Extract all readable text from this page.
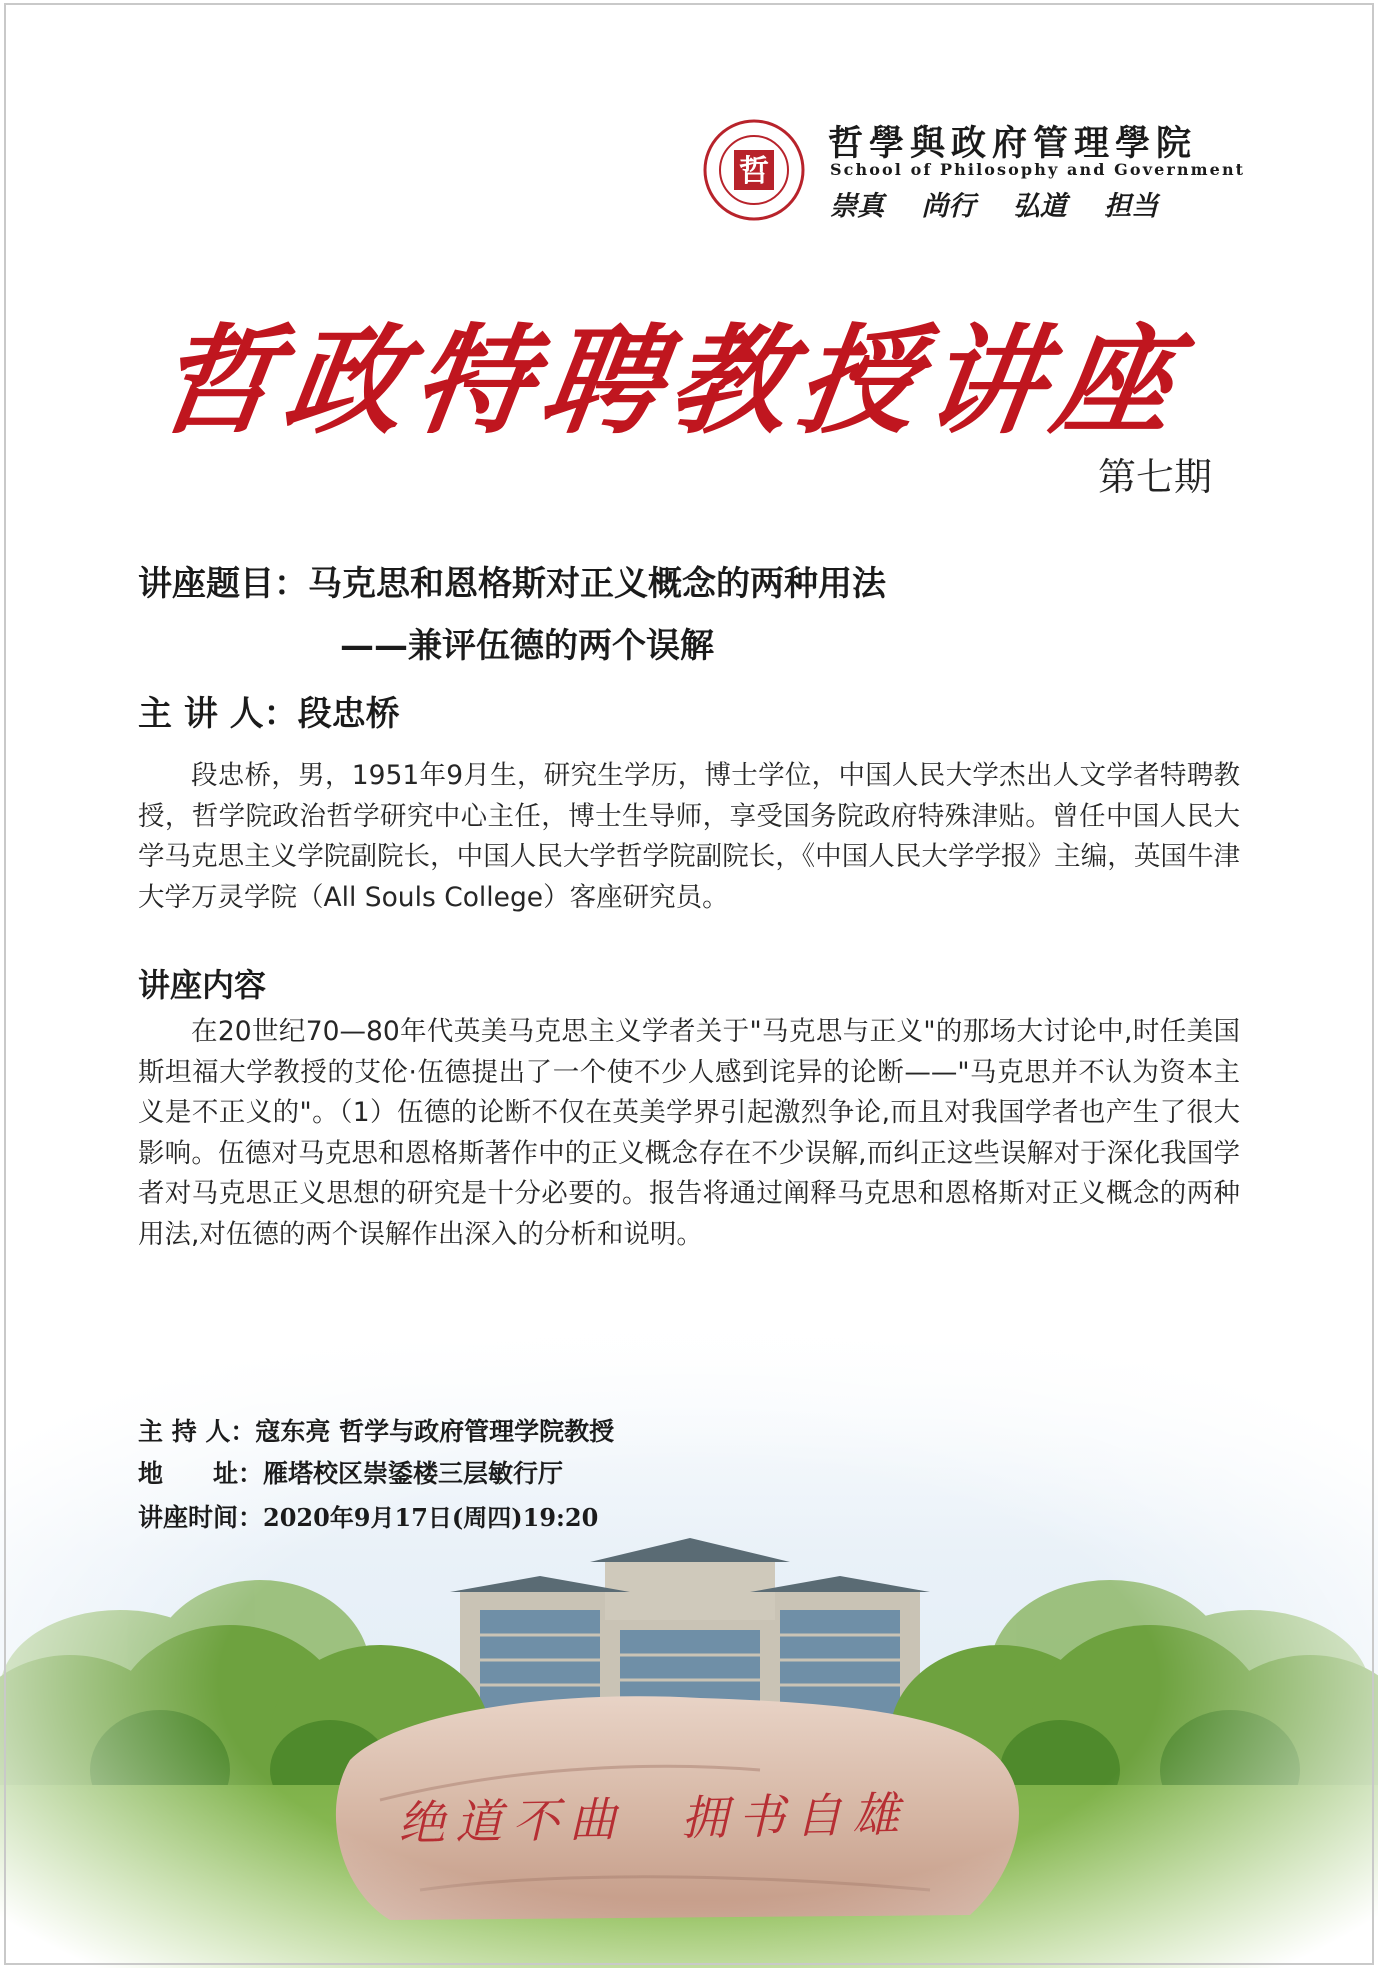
哲
哲學與政府管理學院
School of Philosophy and Government
崇真 尚行 弘道 担当
哲政特聘教授讲座
第七期
讲座题目：马克思和恩格斯对正义概念的两种用法
——兼评伍德的两个误解
主 讲 人：段忠桥
段忠桥，男，1951年9月生，研究生学历，博士学位，中国人民大学杰出人文学者特聘教授，哲学院政治哲学研究中心主任，博士生导师，享受国务院政府特殊津贴。曾任中国人民大学马克思主义学院副院长，中国人民大学哲学院副院长，《中国人民大学学报》主编，英国牛津大学万灵学院（All Souls College）客座研究员。
讲座内容
在20世纪70—80年代英美马克思主义学者关于"马克思与正义"的那场大讨论中,时任美国斯坦福大学教授的艾伦·伍德提出了一个使不少人感到诧异的论断——"马克思并不认为资本主义是不正义的"。（1）伍德的论断不仅在英美学界引起激烈争论,而且对我国学者也产生了很大影响。伍德对马克思和恩格斯著作中的正义概念存在不少误解,而纠正这些误解对于深化我国学者对马克思正义思想的研究是十分必要的。报告将通过阐释马克思和恩格斯对正义概念的两种用法,对伍德的两个误解作出深入的分析和说明。
绝道不曲 拥书自雄
主 持 人：寇东亮 哲学与政府管理学院教授
地　　址：雁塔校区崇鋈楼三层敏行厅
讲座时间：2020年9月17日(周四)19:20
